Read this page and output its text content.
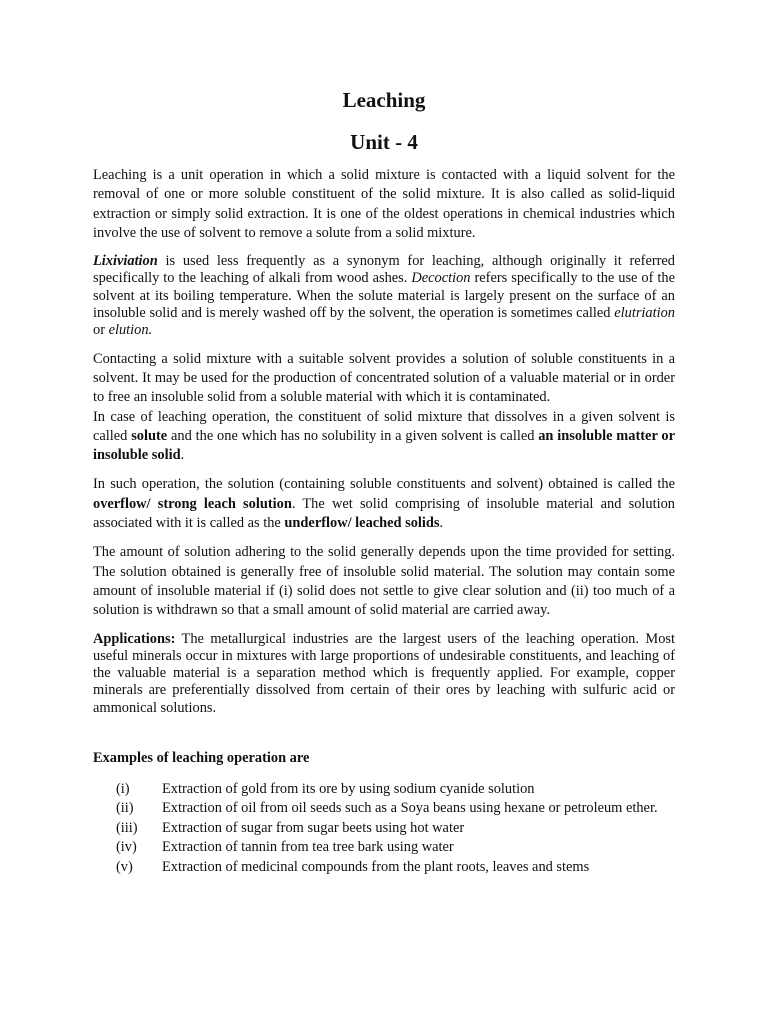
Leaching
Unit - 4

Leaching is a unit operation in which a solid mixture is contacted with a liquid solvent for the removal of one or more soluble constituent of the solid mixture. It is also called as solid-liquid extraction or simply solid extraction. It is one of the oldest operations in chemical industries which involve the use of solvent to remove a solute from a solid mixture.

Lixiviation is used less frequently as a synonym for leaching, although originally it referred specifically to the leaching of alkali from wood ashes. Decoction refers specifically to the use of the solvent at its boiling temperature. When the solute material is largely present on the surface of an insoluble solid and is merely washed off by the solvent, the operation is sometimes called elutriation or elution.

Contacting a solid mixture with a suitable solvent provides a solution of soluble constituents in a solvent. It may be used for the production of concentrated solution of a valuable material or in order to free an insoluble solid from a soluble material with which it is contaminated.
In case of leaching operation, the constituent of solid mixture that dissolves in a given solvent is called solute and the one which has no solubility in a given solvent is called an insoluble matter or insoluble solid.

In such operation, the solution (containing soluble constituents and solvent) obtained is called the overflow/ strong leach solution. The wet solid comprising of insoluble material and solution associated with it is called as the underflow/ leached solids.

The amount of solution adhering to the solid generally depends upon the time provided for setting. The solution obtained is generally free of insoluble solid material. The solution may contain some amount of insoluble material if (i) solid does not settle to give clear solution and (ii) too much of a solution is withdrawn so that a small amount of solid material are carried away.

Applications: The metallurgical industries are the largest users of the leaching operation. Most useful minerals occur in mixtures with large proportions of undesirable constituents, and leaching of the valuable material is a separation method which is frequently applied. For example, copper minerals are preferentially dissolved from certain of their ores by leaching with sulfuric acid or ammonical solutions.

Examples of leaching operation are

(i)	Extraction of gold from its ore by using sodium cyanide solution
(ii)	Extraction of oil from oil seeds such as a Soya beans using hexane or petroleum ether.
(iii)	Extraction of sugar from sugar beets using hot water
(iv)	Extraction of tannin from tea tree bark using water
(v)	Extraction of medicinal compounds from the plant roots, leaves and stems
